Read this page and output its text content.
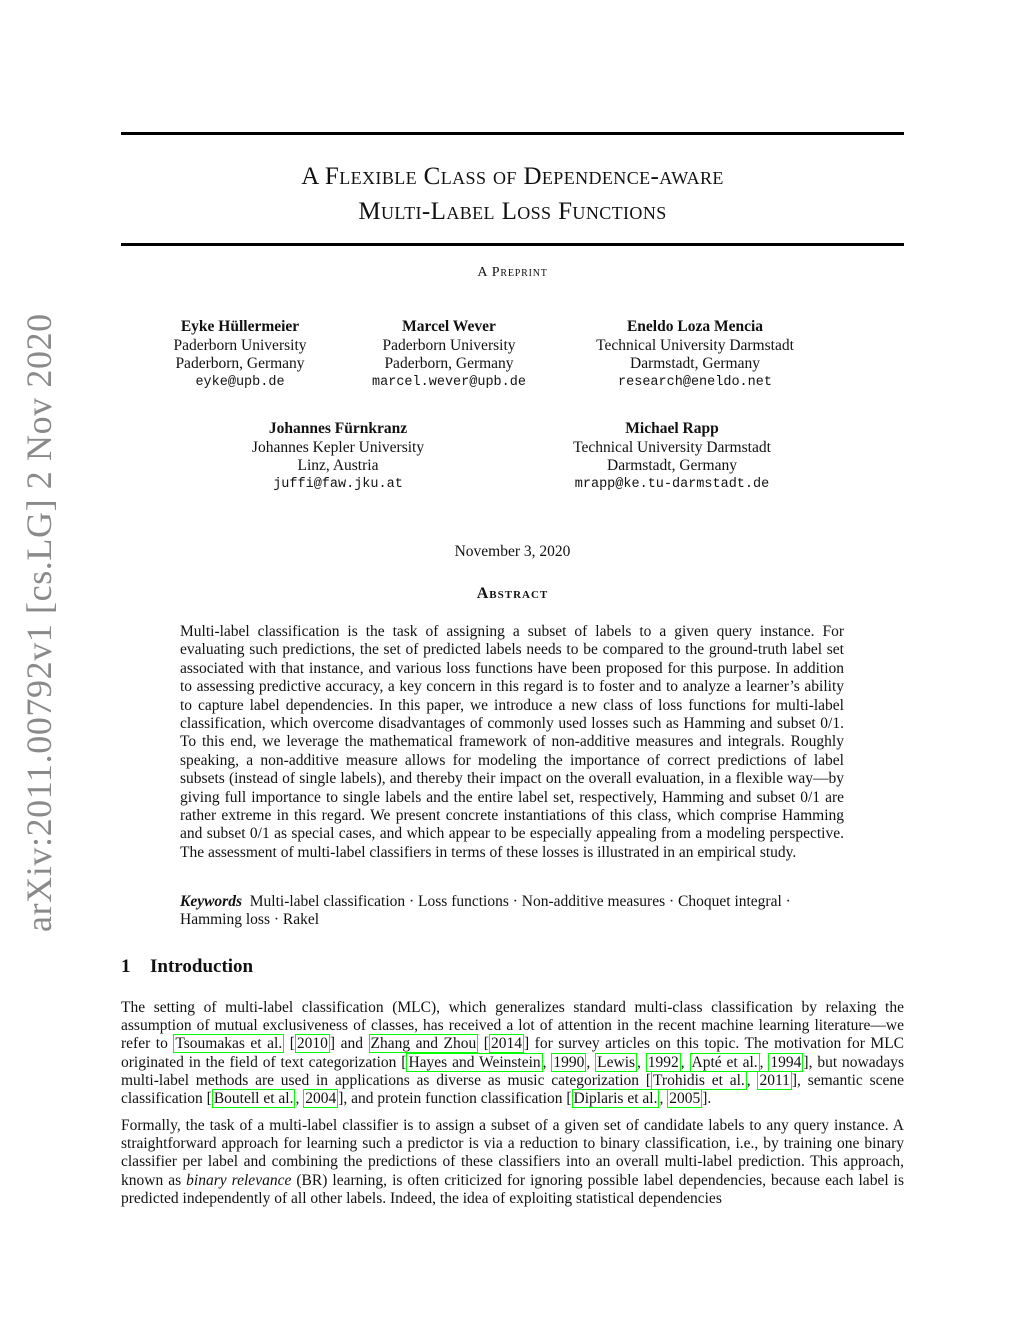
arXiv:2011.00792v1 [cs.LG] 2 Nov 2020
A Flexible Class of Dependence-aware
Multi-Label Loss Functions
A Preprint
Eyke Hüllermeier
Paderborn University
Paderborn, Germany
eyke@upb.de
Marcel Wever
Paderborn University
Paderborn, Germany
marcel.wever@upb.de
Eneldo Loza Mencia
Technical University Darmstadt
Darmstadt, Germany
research@eneldo.net
Johannes Fürnkranz
Johannes Kepler University
Linz, Austria
juffi@faw.jku.at
Michael Rapp
Technical University Darmstadt
Darmstadt, Germany
mrapp@ke.tu-darmstadt.de
November 3, 2020
Abstract
Multi-label classification is the task of assigning a subset of labels to a given query instance. For evaluating such predictions, the set of predicted labels needs to be compared to the ground-truth label set associated with that instance, and various loss functions have been proposed for this purpose. In addition to assessing predictive accuracy, a key concern in this regard is to foster and to analyze a learner’s ability to capture label dependencies. In this paper, we introduce a new class of loss functions for multi-label classification, which overcome disadvantages of commonly used losses such as Hamming and subset 0/1. To this end, we leverage the mathematical framework of non-additive measures and integrals. Roughly speaking, a non-additive measure allows for modeling the importance of correct predictions of label subsets (instead of single labels), and thereby their impact on the overall evaluation, in a flexible way—by giving full importance to single labels and the entire label set, respectively, Hamming and subset 0/1 are rather extreme in this regard. We present concrete instantiations of this class, which comprise Hamming and subset 0/1 as special cases, and which appear to be especially appealing from a modeling perspective. The assessment of multi-label classifiers in terms of these losses is illustrated in an empirical study.
Keywords Multi-label classification · Loss functions · Non-additive measures · Choquet integral · Hamming loss · Rakel
1 Introduction
The setting of multi-label classification (MLC), which generalizes standard multi-class classification by relaxing the assumption of mutual exclusiveness of classes, has received a lot of attention in the recent machine learning literature—we refer to Tsoumakas et al. [ 2010 ] and Zhang and Zhou [ 2014 ] for survey articles on this topic. The motivation for MLC originated in the field of text categorization [ Hayes and Weinstein , 1990 , Lewis , 1992 , Apté et al. , 1994 ], but nowadays multi-label methods are used in applications as diverse as music categorization [ Trohidis et al. , 2011 ], semantic scene classification [ Boutell et al. , 2004 ], and protein function classification [ Diplaris et al. , 2005 ].
Formally, the task of a multi-label classifier is to assign a subset of a given set of candidate labels to any query instance. A straightforward approach for learning such a predictor is via a reduction to binary classification, i.e., by training one binary classifier per label and combining the predictions of these classifiers into an overall multi-label prediction. This approach, known as binary relevance (BR) learning, is often criticized for ignoring possible label dependencies, because each label is predicted independently of all other labels. Indeed, the idea of exploiting statistical dependencies
